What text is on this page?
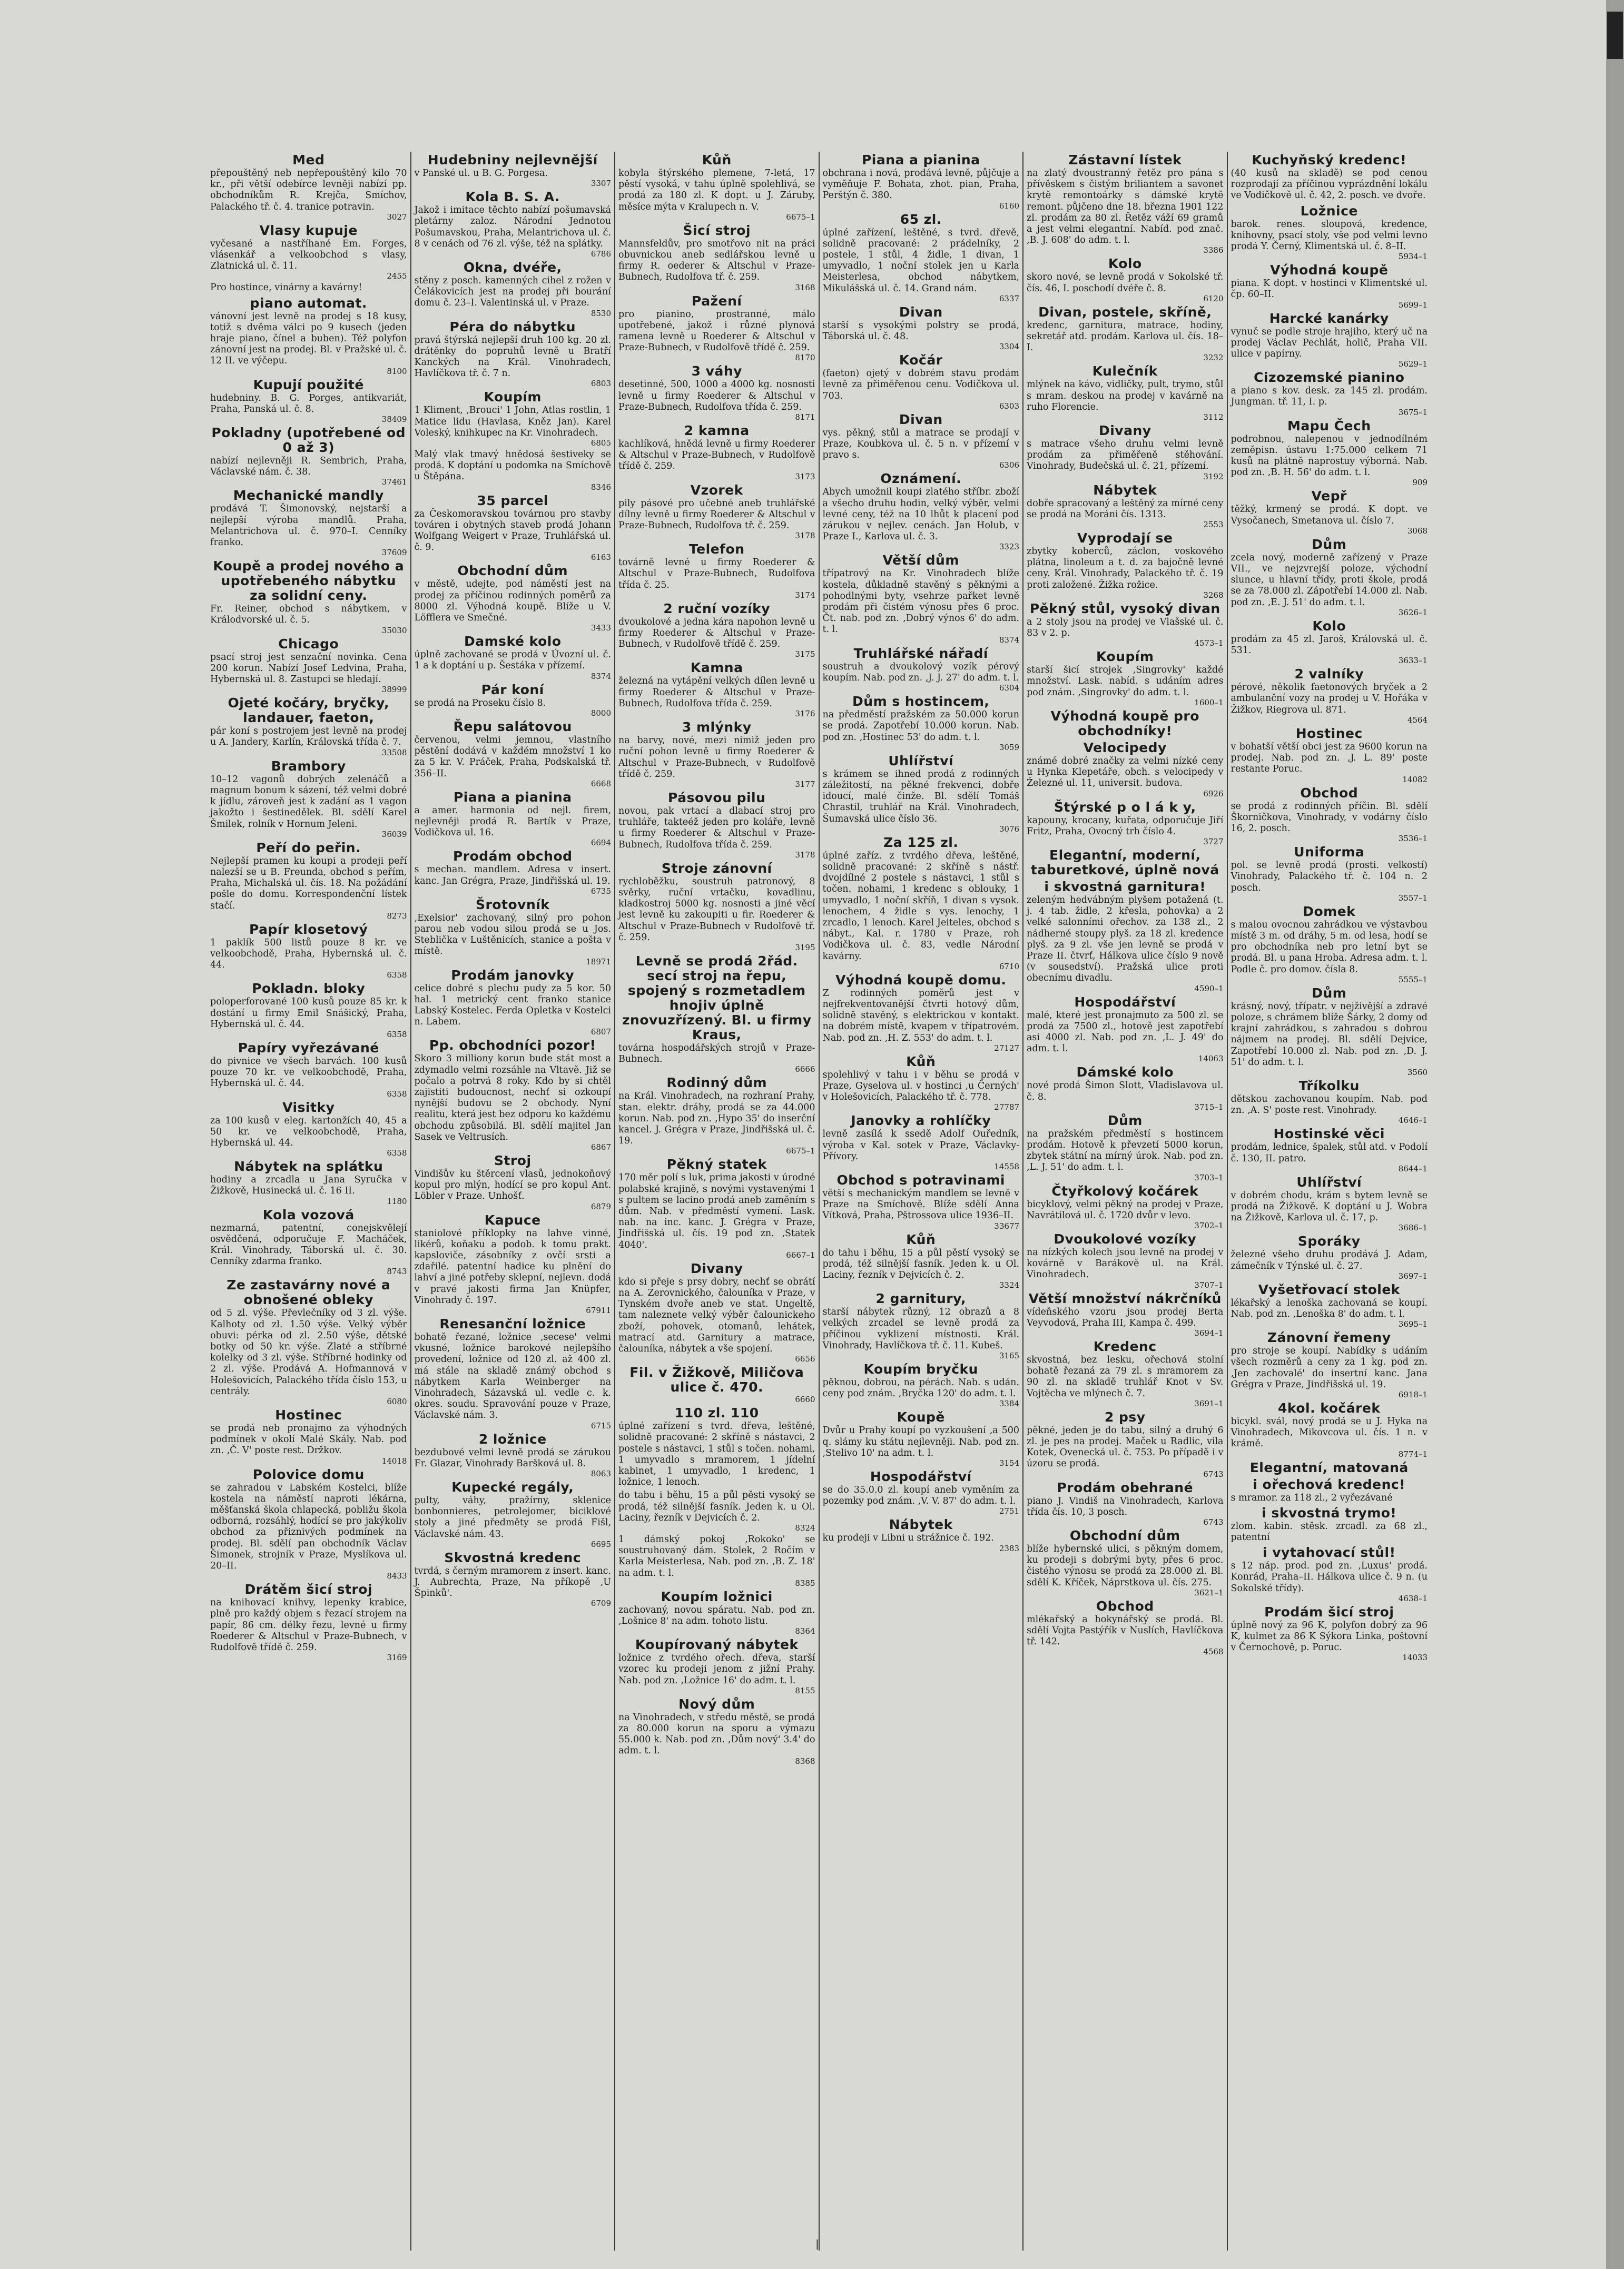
Med

přepouštěný neb nepřepouštěný kilo 70 kr., při větší odebírce levněji nabízí pp. obchodníkům R. Krejča, Smíchov, Palackého tř. č. 4. tranice potravin.

3027
Vlasy kupuje

vyčesané a nastříhané Em. Forges, vlásenkář a velkoobchod s vlasy, Zlatnická ul. č. 11.

2455

Pro hostince, vinárny a kavárny!

piano automat.

vánovní jest levně na prodej s 18 kusy, totiž s dvěma válci po 9 kusech (jeden hraje piano, čínel a buben). Též polyfon zánovní jest na prodej. Bl. v Pražské ul. č. 12 II. ve výčepu.

8100
Kupují použité

hudebniny. B. G. Porges, antikvariát, Praha, Panská ul. č. 8.

38409
Pokladny (upotřebené od 0 až 3)

nabízí nejlevněji R. Sembrich, Praha, Václavské nám. č. 38.

37461
Mechanické mandly

prodává T. Šimonovský, nejstarší a nejlepší výroba mandlů. Praha, Melantrichova ul. č. 970–I. Cenníky franko.

37609
Koupě a prodej nového a upotřebeného nábytku za solidní ceny.

Fr. Reiner, obchod s nábytkem, v Králodvorské ul. č. 5.

35030
Chicago

psací stroj jest senzační novinka. Cena 200 korun. Nabízí Josef Ledvina, Praha, Hybernská ul. 8. Zastupci se hledají.

38999
Ojeté kočáry, bryčky, landauer, faeton,

pár koní s postrojem jest levně na prodej u A. Jandery, Karlín, Královská třída č. 7.

33508
Brambory

10–12 vagonů dobrých zelenáčů a magnum bonum k sázení, též velmi dobré k jídlu, zároveň jest k zadání as 1 vagon jakožto i šestinedělek. Bl. sdělí Karel Šmilek, rolník v Hornum Jeleni.

36039
Peří do peřin.

Nejlepší pramen ku koupi a prodeji peří nalezší se u B. Freunda, obchod s peřím, Praha, Michalská ul. čís. 18. Na požádání pošle do domu. Korrespondenční lístek stačí.

8273
Papír klosetový

1 paklík 500 listů pouze 8 kr. ve velkoobchodě, Praha, Hybernská ul. č. 44.

6358
Pokladn. bloky

poloperforované 100 kusů pouze 85 kr. k dostání u firmy Emil Snášický, Praha, Hybernská ul. č. 44.

6358
Papíry vyřezávané

do pivnice ve všech barvách. 100 kusů pouze 70 kr. ve velkoobchodě, Praha, Hybernská ul. č. 44.

6358
Visitky

za 100 kusů v eleg. kartonžích 40, 45 a 50 kr. ve velkoobchodě, Praha, Hybernská ul. 44.

6358
Nábytek na splátku

hodiny a zrcadla u Jana Syručka v Žižkově, Husinecká ul. č. 16 II.

1180
Kola vozová

nezmarná, patentní, conejskvělejí osvědčená, odporučuje F. Macháček, Král. Vinohrady, Táborská ul. č. 30. Cenníky zdarma franko.

8743
Ze zastavárny nové a obnošené obleky

od 5 zl. výše. Převlečníky od 3 zl. výše. Kalhoty od zl. 1.50 výše. Velký výběr obuvi: pérka od zl. 2.50 výše, dětské botky od 50 kr. výše. Zlaté a stříbrné kolelky od 3 zl. výše. Stříbrné hodinky od 2 zl. výše. Prodává A. Hofmannová v Holešovicích, Palackého třída číslo 153, u centrály.

6080
Hostinec

se prodá neb pronajmo za výhodných podmínek v okolí Malé Skály. Nab. pod zn. ‚Č. V' poste rest. Držkov.

14018
Polovice domu

se zahradou v Labském Kostelci, blíže kostela na náměstí naproti lékárna, měšťanská škola chlapecká, pobližu škola odborná, rozsáhlý, hodící se pro jakýkoliv obchod za přiznivých podmínek na prodej. Bl. sdělí pan obchodník Václav Šimonek, strojník v Praze, Myslíkova ul. 20–II.

8433
Drátěm šicí stroj

na knihovací knihvy, lepenky krabice, plně pro každý objem s řezací strojem na papír, 86 cm. délky řezu, levné u firmy Roederer & Altschul v Praze-Bubnech, v Rudolfově třídě č. 259.

3169
Hudebniny nejlevnější

v Panské ul. u B. G. Porgesa.

3307
Kola B. S. A.

Jakož i imitace těchto nabízí pošumavská pletárny zaloz. Národní Jednotou Pošumavskou, Praha, Melantrichova ul. č. 8 v cenách od 76 zl. výše, též na splátky.

6786
Okna, dvéře,

stěny z posch. kamenných cihel z rožen v Čelákovicích jest na prodej při bourání domu č. 23–I. Valentinská ul. v Praze.

8530
Péra do nábytku

pravá štýrská nejlepší druh 100 kg. 20 zl. drátěnky do popruhů levně u Bratří Kanckých na Král. Vinohradech, Havlíčkova tř. č. 7 n.

6803
Koupím

1 Kliment, ‚Brouci' 1 John, Atlas rostlin, 1 Matice lidu (Havlasa, Kněz Jan). Karel Voleský, knihkupec na Kr. Vinohradech.

6805

Malý vlak tmavý hnědosá šestiveky se prodá. K doptání u podomka na Smíchově u Štěpána.

8346
35 parcel

za Českomoravskou továrnou pro stavby továren i obytných staveb prodá Johann Wolfgang Weigert v Praze, Truhlářská ul. č. 9.

6163
Obchodní dům

v městě, udejte, pod náměstí jest na prodej za příčinou rodinných poměrů za 8000 zl. Výhodná koupě. Blíže u V. Löfflera ve Smečné.

3433
Damské kolo

úplně zachované se prodá v Úvozní ul. č. 1 a k doptání u p. Šestáka v přízemí.

8374
Pár koní

se prodá na Proseku číslo 8.

8000
Řepu salátovou

červenou, velmi jemnou, vlastního pěstění dodává v každém množství 1 ko za 5 kr. V. Práček, Praha, Podskalská tř. 356–II.

6668
Piana a pianina

a amer. harmonia od nejl. firem, nejlevněji prodá R. Bartík v Praze, Vodičkova ul. 16.

6694
Prodám obchod

s mechan. mandlem. Adresa v insert. kanc. Jan Grégra, Praze, Jindřišská ul. 19.

6735
Šrotovník

‚Exelsior' zachovaný, silný pro pohon parou neb vodou silou prodá se u Jos. Steblička v Luštěnicích, stanice a pošta v místě.

18971
Prodám janovky

celice dobré s plechu pudy za 5 kor. 50 hal. 1 metrický cent franko stanice Labský Kostelec. Ferda Opletka v Kostelci n. Labem.

6807
Pp. obchodníci pozor!

Skoro 3 milliony korun bude stát most a zdymadlo velmi rozsáhle na Vltavě. Již se počalo a potrvá 8 roky. Kdo by si chtěl zajistiti budoucnost, nechť si ozkoupí nynější budovu se 2 obchody. Nyní realitu, která jest bez odporu ko každému obchodu způsobilá. Bl. sdělí majitel Jan Sasek ve Veltrusích.

6867
Stroj

Vindišův ku štěrcení vlasů, jednokoňový kopul pro mlýn, hodící se pro kopul Ant. Löbler v Praze. Unhošť.

6879
Kapuce

staniolové příklopky na lahve vinné, likérů, koňaku a podob. k tomu prakt. kapsloviče, zásobníky z ovčí srsti a zdařilé. patentní hadice ku plnění do lahví a jiné potřeby sklepní, nejlevn. dodá v pravé jakosti firma Jan Knüpfer, Vinohrady č. 197.

67911
Renesanční ložnice

bohatě řezané, ložnice ‚secese' velmi vkusné, ložnice barokové nejlepšího provedení, ložnice od 120 zl. až 400 zl. má stále na skladě známý obchod s nábytkem Karla Weinberger na Vinohradech, Sázavská ul. vedle c. k. okres. soudu. Spravování pouze v Praze, Václavské nám. 3.

6715
2 ložnice

bezdubové velmi levně prodá se zárukou Fr. Glazar, Vinohrady Baršková ul. 8.

8063
Kupecké regály,

pulty, váhy, pražírny, sklenice bonbonnieres, petrolejomer, biciklové stoly a jiné předměty se prodá Fišl, Václavské nám. 43.

6695
Skvostná kredenc

tvrdá, s černým mramorem z insert. kanc. J. Aubrechta, Praze, Na příkopě ‚U Špinků'.

6709
Kůň

kobyla štýrského plemene, 7-letá, 17 pěstí vysoká, v tahu úplně spolehlivá, se prodá za 180 zl. K dopt. u J. Záruby, měsíce mýta v Kralupech n. V.

6675–1
Šicí stroj

Mannsfeldův, pro smotřovo nit na práci obuvnickou aneb sedlářskou levně u firmy R. oederer & Altschul v Praze-Bubnech, Rudolfova tř. č. 259.

3168
Pažení

pro pianino, prostranné, málo upotřebené, jakož i různé plynová ramena levně u Roederer & Altschul v Praze-Bubnech, v Rudolfově třídě č. 259.

8170
3 váhy

desetinné, 500, 1000 a 4000 kg. nosnosti levně u firmy Roederer & Altschul v Praze-Bubnech, Rudolfova třída č. 259.

8171
2 kamna

kachlíková, hnědá levně u firmy Roederer & Altschul v Praze-Bubnech, v Rudolfově třídě č. 259.

3173
Vzorek

pily pásové pro učebné aneb truhlářské dílny levně u firmy Roederer & Altschul v Praze-Bubnech, Rudolfova tř. č. 259.

3178
Telefon

továrně levné u firmy Roederer & Altschul v Praze-Bubnech, Rudolfova třída č. 25.

3174
2 ruční vozíky

dvoukolové a jedna kára napohon levně u firmy Roederer & Altschul v Praze-Bubnech, v Rudolfově třídě č. 259.

3175
Kamna

železná na vytápění velkých dílen levně u firmy Roederer & Altschul v Praze-Bubnech, Rudolfova třída č. 259.

3176
3 mlýnky

na barvy, nové, mezi nimiž jeden pro ruční pohon levně u firmy Roederer & Altschul v Praze-Bubnech, v Rudolfově třídě č. 259.

3177
Pásovou pilu

novou, pak vrtací a dlabací stroj pro truhláře, takteéž jeden pro koláře, levně u firmy Roederer & Altschul v Praze-Bubnech, Rudolfova třída č. 259.

3178
Stroje zánovní

rychloběžku, soustruh patronový, 8 svěrky, ruční vrtačku, kovadlinu, kladkostroj 5000 kg. nosnosti a jiné věcí jest levně ku zakoupiti u fir. Roederer & Altschul v Praze-Bubnech v Rudolfově tř. č. 259.

3195
Levně se prodá 2řád. secí stroj na řepu, spojený s rozmetadlem hnojiv úplně znovuzřízený. Bl. u firmy Kraus,

továrna hospodářských strojů v Praze-Bubnech.

6666
Rodinný dům

na Král. Vinohradech, na rozhraní Prahy, stan. elektr. dráhy, prodá se za 44.000 korun. Nab. pod zn. ‚Hypo 35' do inserční kancel. J. Grégra v Praze, Jindřišská ul. č. 19.

6675–1
Pěkný statek

170 měr polí s luk, prima jakosti v úrodné polabské krajině, s novými vystavenými 1 s pultem se lacino prodá aneb zaměním s dům. Nab. v předměstí vymení. Lask. nab. na inc. kanc. J. Grégra v Praze, Jindřišská ul. čís. 19 pod zn. ‚Statek 4040'.

6667–1
Divany

kdo si přeje s prsy dobry, nechť se obrátí na A. Zerovnického, čalouníka v Praze, v Tynském dvoře aneb ve stat. Ungeltě, tam naleznete velký výběr čalounickeho zboží, pohovek, otomanů, lehátek, matrací atd. Garnitury a matrace, čalouníka, nábytek a vše spojení.

6656
Fil. v Žižkově, Miličova ulice č. 470.
6660
110 zl. 110

úplné zařízení s tvrd. dřeva, leštěné, solidně pracované: 2 skříně s nástavci, 2 postele s nástavci, 1 stůl s točen. nohami, 1 umyvadlo s mramorem, 1 jídelní kabinet, 1 umyvadlo, 1 kredenc, 1 ložnice, 1 lenoch.

do tabu i běhu, 15 a půl pěsti vysoký se prodá, též silnější fasník. Jeden k. u Ol. Laciny, řezník v Dejvicích č. 2.

8324

1 dámský pokoj ‚Rokoko' se soustruhovaný dám. Stolek, 2 Ročím v Karla Meisterlesa, Nab. pod zn. ‚B. Z. 18' na adm. t. l.

8385
Koupím ložnici

zachovaný, novou spáratu. Nab. pod zn. ‚Lošnice 8' na adm. tohoto listu.

8364
Koupírovaný nábytek

ložnice z tvrdého ořech. dřeva, starší vzorec ku prodeji jenom z jižní Prahy. Nab. pod zn. ‚Ložnice 16' do adm. t. l.

8155
Nový dům

na Vinohradech, v středu městě, se prodá za 80.000 korun na sporu a výmazu 55.000 k. Nab. pod zn. ‚Dům nový' 3.4' do adm. t. l.

8368
Piana a pianina

obchrana i nová, prodává levně, půjčuje a vyměňuje F. Bohata, zhot. pian, Praha, Perštýn č. 380.

6160
65 zl.

úplné zařízení, leštěné, s tvrd. dřevě, solidně pracované: 2 prádelníky, 2 postele, 1 stůl, 4 židle, 1 divan, 1 umyvadlo, 1 noční stolek jen u Karla Meisterlesa, obchod nábytkem, Mikulášská ul. č. 14. Grand nám.

6337
Divan

starší s vysokými polstry se prodá, Táborská ul. č. 48.

3304
Kočár

(faeton) ojetý v dobrém stavu prodám levně za přiměřenou cenu. Vodičkova ul. 703.

6303
Divan

vys. pěkný, stůl a matrace se prodají v Praze, Koubkova ul. č. 5 n. v přízemí v pravo s.

6306
Oznámení.

Abych umožnil koupi zlatého stříbr. zboží a všecho druhu hodin, velký výběr, velmi levné ceny, též na 10 lhůt k placení pod zárukou v nejlev. cenách. Jan Holub, v Praze I., Karlova ul. č. 3.

3323
Větší dům

třípatrový na Kr. Vinohradech blíže kostela, důkladně stavěný s pěknými a pohodlnými byty, vsehrze pařket levně prodám při čistém výnosu přes 6 proc. Čt. nab. pod zn. ‚Dobrý výnos 6' do adm. t. l.

8374
Truhlářské nářadí

soustruh a dvoukolový vozík pérový koupím. Nab. pod zn. ‚J. J. 27' do adm. t. l.

6304
Dům s hostincem,

na předměstí pražském za 50.000 korun se prodá. Zapotřebí 10.000 korun. Nab. pod zn. ‚Hostinec 53' do adm. t. l.

3059
Uhlířství

s krámem se ihned prodá z rodinných záležitostí, na pěkné frekvenci, dobře idoucí, malé činže. Bl. sdělí Tomáš Chrastil, truhlář na Král. Vinohradech, Šumavská ulice číslo 36.

3076
Za 125 zl.

úplné zaříz. z tvrdého dřeva, leštěné, solidně pracované: 2 skříně s nástř. dvojdílné 2 postele s nástavci, 1 stůl s točen. nohami, 1 kredenc s oblouky, 1 umyvadlo, 1 noční skříň, 1 divan s vysok. lenochem, 4 židle s vys. lenochy, 1 zrcadlo, 1 lenoch. Karel Jeiteles, obchod s nábyt., Kal. r. 1780 v Praze, roh Vodičkova ul. č. 83, vedle Národní kavárny.

6710
Výhodná koupě domu.

Z rodinných poměrů jest v nejfrekventovanější čtvrti hotový dům, solidně stavěný, s elektrickou v kontakt. na dobrém místě, kvapem v třípatrovém. Nab. pod zn. ‚H. Z. 553' do adm. t. l.

27127
Kůň

spolehlivý v tahu i v běhu se prodá v Praze, Gyselova ul. v hostinci ‚u Černých' v Holešovicích, Palackého tř. č. 778.

27787
Janovky a rohlíčky

levně zasílá k ssedě Adolf Ouředník, výroba v Kal. sotek v Praze, Václavky-Přívory.

14558
Obchod s potravinami

větší s mechanickým mandlem se levně v Praze na Smíchově. Blíže sdělí Anna Vítková, Praha, Pštrossova ulice 1936–II.

33677
Kůň

do tahu i běhu, 15 a půl pěstí vysoký se prodá, též silnější fasník. Jeden k. u Ol. Laciny, řezník v Dejvicích č. 2.

3324
2 garnitury,

starší nábytek různý, 12 obrazů a 8 velkých zrcadel se levně prodá za příčinou vyklizení místnosti. Král. Vinohrady, Havlíčkova tř. č. 11. Kubeš.

3165
Koupím bryčku

pěknou, dobrou, na pérách. Nab. s udán. ceny pod znám. ‚Bryčka 120' do adm. t. l.

3384
Koupě

Dvůr u Prahy koupí po vyzkoušení ‚a 500 q. slámy ku státu nejlevněji. Nab. pod zn. ‚Stelivo 10' na adm. t. l.

3154
Hospodářství

se do 35.0.0 zl. koupí aneb vyměním za pozemky pod znám. ‚V. V. 87' do adm. t. l.

2751
Nábytek

ku prodeji v Libni u strážnice č. 192.

2383
Zástavní lístek

na zlatý dvoustranný řetěz pro pána s přívěskem s čistým briliantem a savonet krytě remontoárky s dámské krytě remont. půjčeno dne 18. března 1901 122 zl. prodám za 80 zl. Řetěz váží 69 gramů a jest velmi elegantní. Nabíd. pod znač. ‚B. J. 608' do adm. t. l.

3386
Kolo

skoro nové, se levně prodá v Sokolské tř. čís. 46, I. poschodí dvéře č. 8.

6120
Divan, postele, skříně,

kredenc, garnitura, matrace, hodiny, sekretář atd. prodám. Karlova ul. čís. 18–I.

3232
Kulečník

mlýnek na kávo, vidličky, pult, trymo, stůl s mram. deskou na prodej v kavárně na ruho Florencie.

3112
Divany

s matrace všeho druhu velmi levně prodám za přiměřeně stěhování. Vinohrady, Budečská ul. č. 21, přízemí.

3192
Nábytek

dobře spracovaný a leštěný za mírné ceny se prodá na Moráni čís. 1313.

2553
Vyprodají se

zbytky koberců, záclon, voskového plátna, linoleum a t. d. za bajočně levné ceny. Král. Vinohrady, Palackého tř. č. 19 proti založené. Žižka rožice.

3268
Pěkný stůl, vysoký divan

a 2 stoly jsou na prodej ve Vlašské ul. č. 83 v 2. p.

4573–1
Koupím

starší šicí strojek ‚Singrovky' každé množství. Lask. nabíd. s udáním adres pod znám. ‚Singrovky' do adm. t. l.

1600–1
Výhodná koupě pro obchodníky!
Velocipedy

známé dobré značky za velmi nízké ceny u Hynka Klepetáře, obch. s velocipedy v Železné ul. 11, universit. budova.

6926
Štýrské p o l á k y,

kapouny, krocany, kuřata, odporučuje Jiří Fritz, Praha, Ovocný trh číslo 4.

3727
Elegantní, moderní, taburetkové, úplně nová
i skvostná garnitura!

zeleným hedvábným plyšem potažená (t. j. 4 tab. židle, 2 křesla, pohovka) a 2 velké salonními ořechov. za 138 zl., 2 nádherné stoupy plyš. za 18 zl. kredence plyš. za 9 zl. vše jen levně se prodá v Praze II. čtvrť, Hálkova ulice číslo 9 nově (v sousedství). Pražská ulice proti obecnímu divadlu.

4590–1
Hospodářství

malé, které jest pronajmuto za 500 zl. se prodá za 7500 zl., hotově jest zapotřebí asi 4000 zl. Nab. pod zn. ‚L. J. 49' do adm. t. l.

14063
Dámské kolo

nové prodá Šimon Slott, Vladislavova ul. č. 8.

3715–1
Dům

na pražském předměstí s hostincem prodám. Hotově k převzetí 5000 korun, zbytek státní na mírný úrok. Nab. pod zn. ‚L. J. 51' do adm. t. l.

3703–1
Čtyřkolový kočárek

bicyklový, velmi pěkný na prodej v Praze, Navrátilová ul. č. 1720 dvůr v levo.

3702–1
Dvoukolové vozíky

na nízkých kolech jsou levně na prodej v kovárně v Barákově ul. na Král. Vinohradech.

3707–1
Větší množství nákrčníků

vídeňského vzoru jsou prodej Berta Veyvodová, Praha III, Kampa č. 499.

3694–1
Kredenc

skvostná, bez lesku, ořechová stolní bohatě řezaná za 79 zl. s mramorem za 90 zl. na skladě truhlář Knot v Sv. Vojtěcha ve mlýnech č. 7.

3691–1
2 psy

pěkné, jeden je do tabu, silný a druhý 6 zl. je pes na prodej. Maček u Radlic, vila Kotek, Ovenecká ul. č. 753. Po případě i v úzoru se prodá.

6743
Prodám obehrané

piano J. Vindiš na Vinohradech, Karlova třída čís. 10, 3 posch.

6743
Obchodní dům

blíže hybernské ulici, s pěkným domem, ku prodeji s dobrými byty, přes 6 proc. čistého výnosu se prodá za 28.000 zl. Bl. sdělí K. Kříček, Náprstkova ul. čís. 275.

3621–1
Obchod

mlékařský a hokynářský se prodá. Bl. sdělí Vojta Pastýřík v Nuslích, Havlíčkova tř. 142.

4568
Kuchyňský kredenc!

(40 kusů na skladě) se pod cenou rozprodají za příčinou vyprázdnění lokálu ve Vodičkově ul. č. 42, 2. posch. ve dvoře.

Ložnice

barok. renes. sloupová, kredence, knihovny, psací stoly, vše pod velmi levno prodá Y. Černý, Klimentská ul. č. 8–II.

5934–1
Výhodná koupě

piana. K dopt. v hostinci v Klimentské ul. čp. 60–II.

5699–1
Harcké kanárky

vynuč se podle stroje hrajiho, který uč na prodej Václav Pechlát, holič, Praha VII. ulice v papírny.

5629–1
Cizozemské pianino

a piano s kov. desk. za 145 zl. prodám. Jungman. tř. 11, I. p.

3675–1
Mapu Čech

podrobnou, nalepenou v jednodílném zeměpisn. ústavu 1:75.000 celkem 71 kusů na plátně naprostuy výborná. Nab. pod zn. ‚B. H. 56' do adm. t. l.

909
Vepř

těžký, krmený se prodá. K dopt. ve Vysočanech, Smetanova ul. číslo 7.

3068
Dům

zcela nový, moderně zařízený v Praze VII., ve nejzvrejší poloze, východní slunce, u hlavní třídy, proti škole, prodá se za 78.000 zl. Zápotřebí 14.000 zl. Nab. pod zn. ‚E. J. 51' do adm. t. l.

3626–1
Kolo

prodám za 45 zl. Jaroš, Královská ul. č. 531.

3633–1
2 valníky

pérové, několik faetonových bryček a 2 ambulanční vozy na prodej u V. Hořáka v Žižkov, Riegrova ul. 871.

4564
Hostinec

v bohatší větší obci jest za 9600 korun na prodej. Nab. pod zn. ‚J. L. 89' poste restante Poruc.

14082
Obchod

se prodá z rodinných příčin. Bl. sdělí Škorničkova, Vinohrady, v vodárny číslo 16, 2. posch.

3536–1
Uniforma

pol. se levně prodá (prosti. velkostí) Vinohrady, Palackého tř. č. 104 n. 2 posch.

3557–1
Domek

s malou ovocnou zahrádkou ve výstavbou místě 3 m. od dráhy, 5 m. od lesa, hodí se pro obchodníka neb pro letní byt se prodá. Bl. u pana Hroba. Adresa adm. t. l. Podle č. pro domov. čísla 8.

5555–1
Dům

krásný, nový, třípatr. v nejživější a zdravé poloze, s chrámem blíže Šárky, 2 domy od krajní zahrádkou, s zahradou s dobrou nájmem na prodej. Bl. sdělí Dejvice, Zapotřebí 10.000 zl. Nab. pod zn. ‚D. J. 51' do adm. t. l.

3560
Tříkolku

dětskou zachovanou koupím. Nab. pod zn. ‚A. S' poste rest. Vinohrady.

4646–1
Hostinské věci

prodám, lednice, špalek, stůl atd. v Podolí č. 130, II. patro.

8644–1
Uhlířství

v dobrém chodu, krám s bytem levně se prodá na Žižkově. K doptání u J. Wobra na Žižkově, Karlova ul. č. 17, p.

3686–1
Sporáky

železné všeho druhu prodává J. Adam, zámečník v Týnské ul. č. 27.

3697–1
Vyšetřovací stolek

lékařský a lenoška zachovaná se koupí. Nab. pod zn. ‚Lenoška 8' do adm. t. l.

3695–1
Zánovní řemeny

pro stroje se koupí. Nabídky s udáním všech rozměrů a ceny za 1 kg. pod zn. ‚Jen zachovalé' do insertní kanc. Jana Grégra v Praze, Jindřišská ul. 19.

6918–1
4kol. kočárek

bicykl. svál, nový prodá se u J. Hyka na Vinohradech, Mikovcova ul. čís. 1 n. v krámě.

8774–1
Elegantní, matovaná
i ořechová kredenc!

s mramor. za 118 zl., 2 vyřezávané

i skvostná trymo!

zlom. kabin. stěsk. zrcadl. za 68 zl., patentní

i vytahovací stůl!

s 12 náp. prod. pod zn. ‚Luxus' prodá. Konrád, Praha–II. Hálkova ulice č. 9 n. (u Sokolské třídy).

4638–1
Prodám šicí stroj

úplně nový za 96 K, polyfon dobrý za 96 K, kulmet za 86 K Sýkora Linka, poštovní v Černochově, p. Poruc.

14033
|
